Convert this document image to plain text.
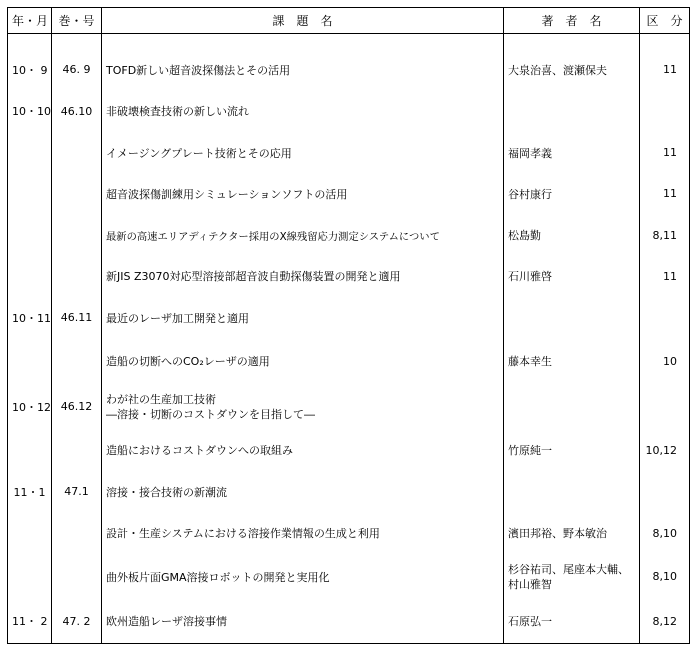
年・月	巻・号	課　題　名	著　者　名	区　分

10・ 9	46. 9	TOFD新しい超音波探傷法とその活用	大泉治喜、渡瀬保夫	11
10・10	46.10	非破壊検査技術の新しい流れ		
		イメージングプレート技術とその応用	福岡孝義	11
		超音波探傷訓練用シミュレーションソフトの活用	谷村康行	11
		最新の高速エリアディテクター採用のX線残留応力測定システムについて	松島勤	8,11
		新JIS Z3070対応型溶接部超音波自動探傷装置の開発と適用	石川雅啓	11
10・11	46.11	最近のレーザ加工開発と適用		
		造船の切断へのCO₂レーザの適用	藤本幸生	10
10・12	46.12	わが社の生産加工技術
―溶接・切断のコストダウンを目指して―		

		造船におけるコストダウンへの取組み	竹原純一	10,12
11・1	47.1	溶接・接合技術の新潮流		
		設計・生産システムにおける溶接作業情報の生成と利用	濱田邦裕、野本敏治	8,10
		曲外板片面GMA溶接ロボットの開発と実用化	杉谷祐司、尾座本大輔、
村山雅智	8,10
11・ 2	47. 2	欧州造船レーザ溶接事情	石原弘一	8,12
